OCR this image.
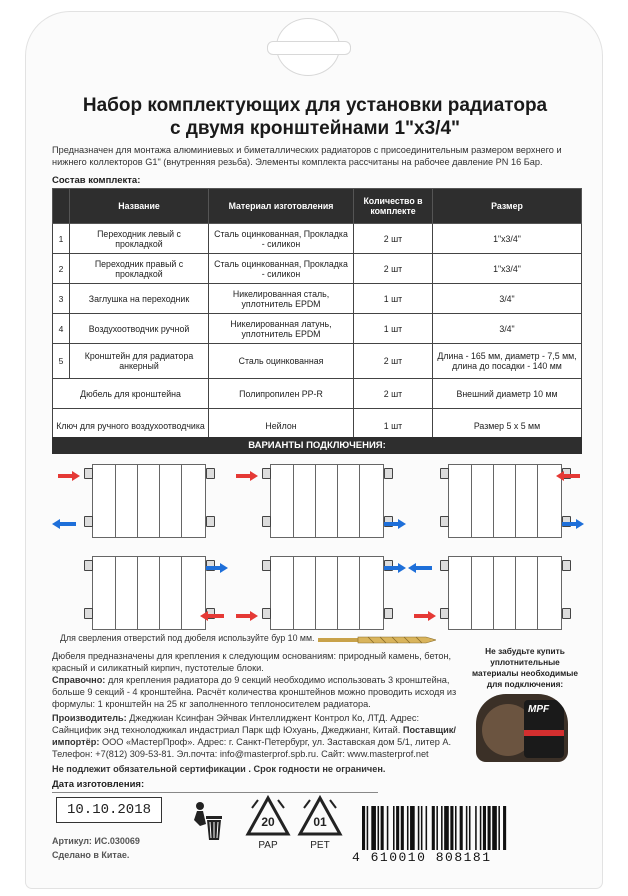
Набор комплектующих для установки радиатора
с двумя кронштейнами 1"х3/4"
Предназначен для монтажа алюминиевых и биметаллических радиаторов с присоединительным размером верхнего и нижнего коллекторов G1" (внутренняя резьба). Элементы комплекта рассчитаны на рабочее давление PN 16 Бар.
Состав комплекта:
	Название	Материал изготовления	Количество в комплекте	Размер
1	Переходник левый с прокладкой	Сталь оцинкованная, Прокладка - силикон	2 шт	1"х3/4"
2	Переходник правый с прокладкой	Сталь оцинкованная, Прокладка - силикон	2 шт	1"х3/4"
3	Заглушка на переходник	Никелированная сталь, уплотнитель EPDM	1 шт	3/4"
4	Воздухоотводчик ручной	Никелированная латунь, уплотнитель EPDM	1 шт	3/4"
5	Кронштейн для радиатора анкерный	Сталь оцинкованная	2 шт	Длина - 165 мм, диаметр - 7,5 мм, длина до посадки - 140 мм
Дюбель для кронштейна		Полипропилен PP-R	2 шт	Внешний диаметр 10 мм
Ключ для ручного воздухоотводчика		Нейлон	1 шт	Размер 5 х 5 мм
ВАРИАНТЫ ПОДКЛЮЧЕНИЯ:
Для сверления отверстий под дюбеля используйте бур 10 мм.
Дюбеля предназначены для крепления к следующим основаниям: природный камень, бетон, красный и силикатный кирпич, пустотелые блоки.
Справочно: для крепления радиатора до 9 секций необходимо использовать 3 кронштейна, больше 9 секций - 4 кронштейна. Расчёт количества кронштейнов можно проводить исходя из формулы: 1 кронштейн на 25 кг заполненного теплоносителем радиатора.
Производитель: Джеджиан Ксинфан Эйчвак Интеллиджент Контрол Ко, ЛТД. Адрес: Сайнцифик энд технолоджикал индастриал Парк щф Юхуань, Джеджианг, Китай. Поставщик/импортёр: ООО «МастерПроф». Адрес: г. Санкт-Петербург, ул. Заставская дом 5/1, литер А. Телефон: +7(812) 309-53-81. Эл.почта: info@masterprof.spb.ru. Сайт: www.masterprof.net
Не подлежит обязательной сертификации . Срок годности не ограничен.
Не забудьте купить уплотнительные материалы необходимые для подключения:
MPF
Дата изготовления:
10.10.2018
Артикул: ИС.030069
Сделано в Китае.
20
PAP
01
PET
4 610010 808181
